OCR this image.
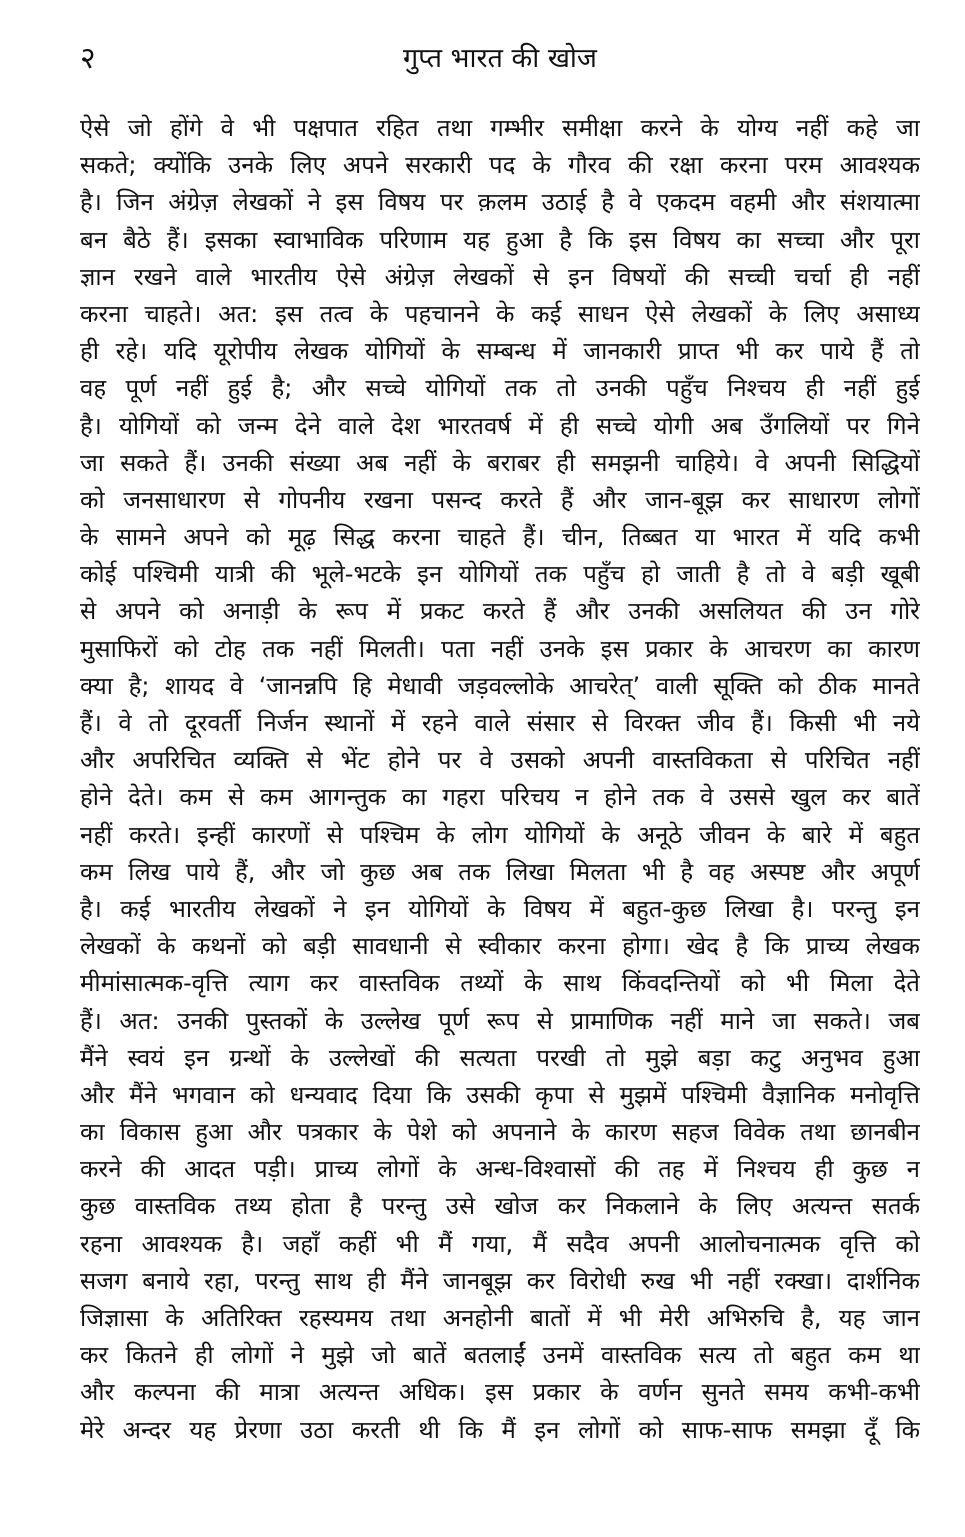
२	गुप्त भारत की खोज
ऐसे जो होंगे वे भी पक्षपात रहित तथा गम्भीर समीक्षा करने के योग्य नहीं कहे जा
सकते; क्योंकि उनके लिए अपने सरकारी पद के गौरव की रक्षा करना परम आवश्यक
है। जिन अंग्रेज़ लेखकों ने इस विषय पर क़लम उठाई है वे एकदम वहमी और संशयात्मा
बन बैठे हैं। इसका स्वाभाविक परिणाम यह हुआ है कि इस विषय का सच्चा और पूरा
ज्ञान रखने वाले भारतीय ऐसे अंग्रेज़ लेखकों से इन विषयों की सच्ची चर्चा ही नहीं
करना चाहते। अत: इस तत्व के पहचानने के कई साधन ऐसे लेखकों के लिए असाध्य
ही रहे। यदि यूरोपीय लेखक योगियों के सम्बन्ध में जानकारी प्राप्त भी कर पाये हैं तो
वह पूर्ण नहीं हुई है; और सच्चे योगियों तक तो उनकी पहुँच निश्चय ही नहीं हुई
है। योगियों को जन्म देने वाले देश भारतवर्ष में ही सच्चे योगी अब उँगलियों पर गिने
जा सकते हैं। उनकी संख्या अब नहीं के बराबर ही समझनी चाहिये। वे अपनी सिद्धियों
को जनसाधारण से गोपनीय रखना पसन्द करते हैं और जान-बूझ कर साधारण लोगों
के सामने अपने को मूढ़ सिद्ध करना चाहते हैं। चीन, तिब्बत या भारत में यदि कभी
कोई पश्चिमी यात्री की भूले-भटके इन योगियों तक पहुँच हो जाती है तो वे बड़ी खूबी
से अपने को अनाड़ी के रूप में प्रकट करते हैं और उनकी असलियत की उन गोरे
मुसाफिरों को टोह तक नहीं मिलती। पता नहीं उनके इस प्रकार के आचरण का कारण
क्या है; शायद वे ‘जानन्नपि हि मेधावी जड़वल्लोके आचरेत्’ वाली सूक्ति को ठीक मानते
हैं। वे तो दूरवर्ती निर्जन स्थानों में रहने वाले संसार से विरक्त जीव हैं। किसी भी नये
और अपरिचित व्यक्ति से भेंट होने पर वे उसको अपनी वास्तविकता से परिचित नहीं
होने देते। कम से कम आगन्तुक का गहरा परिचय न होने तक वे उससे खुल कर बातें
नहीं करते। इन्हीं कारणों से पश्चिम के लोग योगियों के अनूठे जीवन के बारे में बहुत
कम लिख पाये हैं, और जो कुछ अब तक लिखा मिलता भी है वह अस्पष्ट और अपूर्ण
है। कई भारतीय लेखकों ने इन योगियों के विषय में बहुत-कुछ लिखा है। परन्तु इन
लेखकों के कथनों को बड़ी सावधानी से स्वीकार करना होगा। खेद है कि प्राच्य लेखक
मीमांसात्मक-वृत्ति त्याग कर वास्तविक तथ्यों के साथ किंवदन्तियों को भी मिला देते
हैं। अत: उनकी पुस्तकों के उल्लेख पूर्ण रूप से प्रामाणिक नहीं माने जा सकते। जब
मैंने स्वयं इन ग्रन्थों के उल्लेखों की सत्यता परखी तो मुझे बड़ा कटु अनुभव हुआ
और मैंने भगवान को धन्यवाद दिया कि उसकी कृपा से मुझमें पश्चिमी वैज्ञानिक मनोवृत्ति
का विकास हुआ और पत्रकार के पेशे को अपनाने के कारण सहज विवेक तथा छानबीन
करने की आदत पड़ी। प्राच्य लोगों के अन्ध-विश्वासों की तह में निश्चय ही कुछ न
कुछ वास्तविक तथ्य होता है परन्तु उसे खोज कर निकलाने के लिए अत्यन्त सतर्क
रहना आवश्यक है। जहाँ कहीं भी मैं गया, मैं सदैव अपनी आलोचनात्मक वृत्ति को
सजग बनाये रहा, परन्तु साथ ही मैंने जानबूझ कर विरोधी रुख भी नहीं रक्खा। दार्शनिक
जिज्ञासा के अतिरिक्त रहस्यमय तथा अनहोनी बातों में भी मेरी अभिरुचि है, यह जान
कर कितने ही लोगों ने मुझे जो बातें बतलाईं उनमें वास्तविक सत्य तो बहुत कम था
और कल्पना की मात्रा अत्यन्त अधिक। इस प्रकार के वर्णन सुनते समय कभी-कभी
मेरे अन्दर यह प्रेरणा उठा करती थी कि मैं इन लोगों को साफ-साफ समझा दूँ कि
